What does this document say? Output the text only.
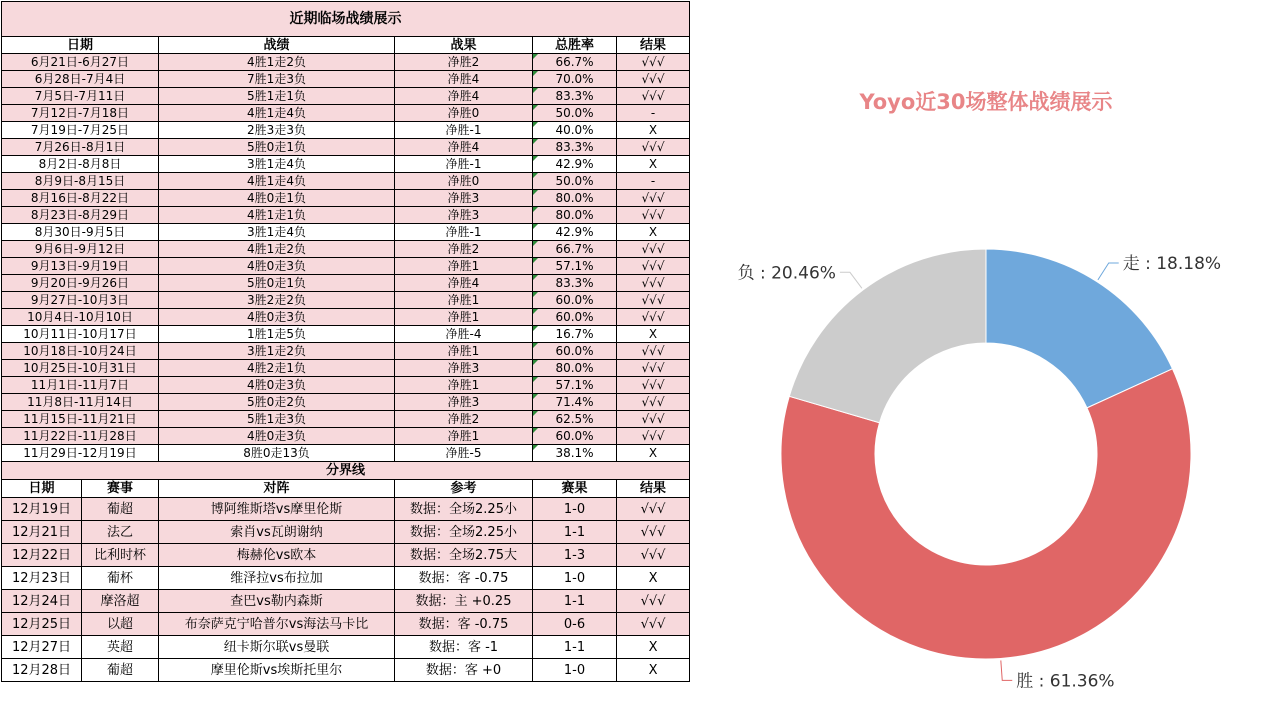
近期临场战绩展示					
日期		战绩	战果	总胜率	结果
6月21日-6月27日		4胜1走2负	净胜2	66.7%	√√√
6月28日-7月4日		7胜1走3负	净胜4	70.0%	√√√
7月5日-7月11日		5胜1走1负	净胜4	83.3%	√√√
7月12日-7月18日		4胜1走4负	净胜0	50.0%	-
7月19日-7月25日		2胜3走3负	净胜-1	40.0%	X
7月26日-8月1日		5胜0走1负	净胜4	83.3%	√√√
8月2日-8月8日		3胜1走4负	净胜-1	42.9%	X
8月9日-8月15日		4胜1走4负	净胜0	50.0%	-
8月16日-8月22日		4胜0走1负	净胜3	80.0%	√√√
8月23日-8月29日		4胜1走1负	净胜3	80.0%	√√√
8月30日-9月5日		3胜1走4负	净胜-1	42.9%	X
9月6日-9月12日		4胜1走2负	净胜2	66.7%	√√√
9月13日-9月19日		4胜0走3负	净胜1	57.1%	√√√
9月20日-9月26日		5胜0走1负	净胜4	83.3%	√√√
9月27日-10月3日		3胜2走2负	净胜1	60.0%	√√√
10月4日-10月10日		4胜0走3负	净胜1	60.0%	√√√
10月11日-10月17日		1胜1走5负	净胜-4	16.7%	X
10月18日-10月24日		3胜1走2负	净胜1	60.0%	√√√
10月25日-10月31日		4胜2走1负	净胜3	80.0%	√√√
11月1日-11月7日		4胜0走3负	净胜1	57.1%	√√√
11月8日-11月14日		5胜0走2负	净胜3	71.4%	√√√
11月15日-11月21日		5胜1走3负	净胜2	62.5%	√√√
11月22日-11月28日		4胜0走3负	净胜1	60.0%	√√√
11月29日-12月19日		8胜0走13负	净胜-5	38.1%	X
分界线					
日期	赛事	对阵	参考	赛果	结果
12月19日	葡超	博阿维斯塔vs摩里伦斯	数据：全场2.25小	1-0	√√√
12月21日	法乙	索肖vs瓦朗谢纳	数据：全场2.25小	1-1	√√√
12月22日	比利时杯	梅赫伦vs欧本	数据：全场2.75大	1-3	√√√
12月23日	葡杯	维泽拉vs布拉加	数据：客 -0.75	1-0	X
12月24日	摩洛超	查巴vs勒内森斯	数据：主 +0.25	1-1	√√√
12月25日	以超	布奈萨克宁哈普尔vs海法马卡比	数据：客 -0.75	0-6	√√√
12月27日	英超	纽卡斯尔联vs曼联	数据：客 -1	1-1	X
12月28日	葡超	摩里伦斯vs埃斯托里尔	数据：客 +0	1-0	X
Yoyo近30场整体战绩展示
走 : 18.18%
胜 : 61.36%
负 : 20.46%
